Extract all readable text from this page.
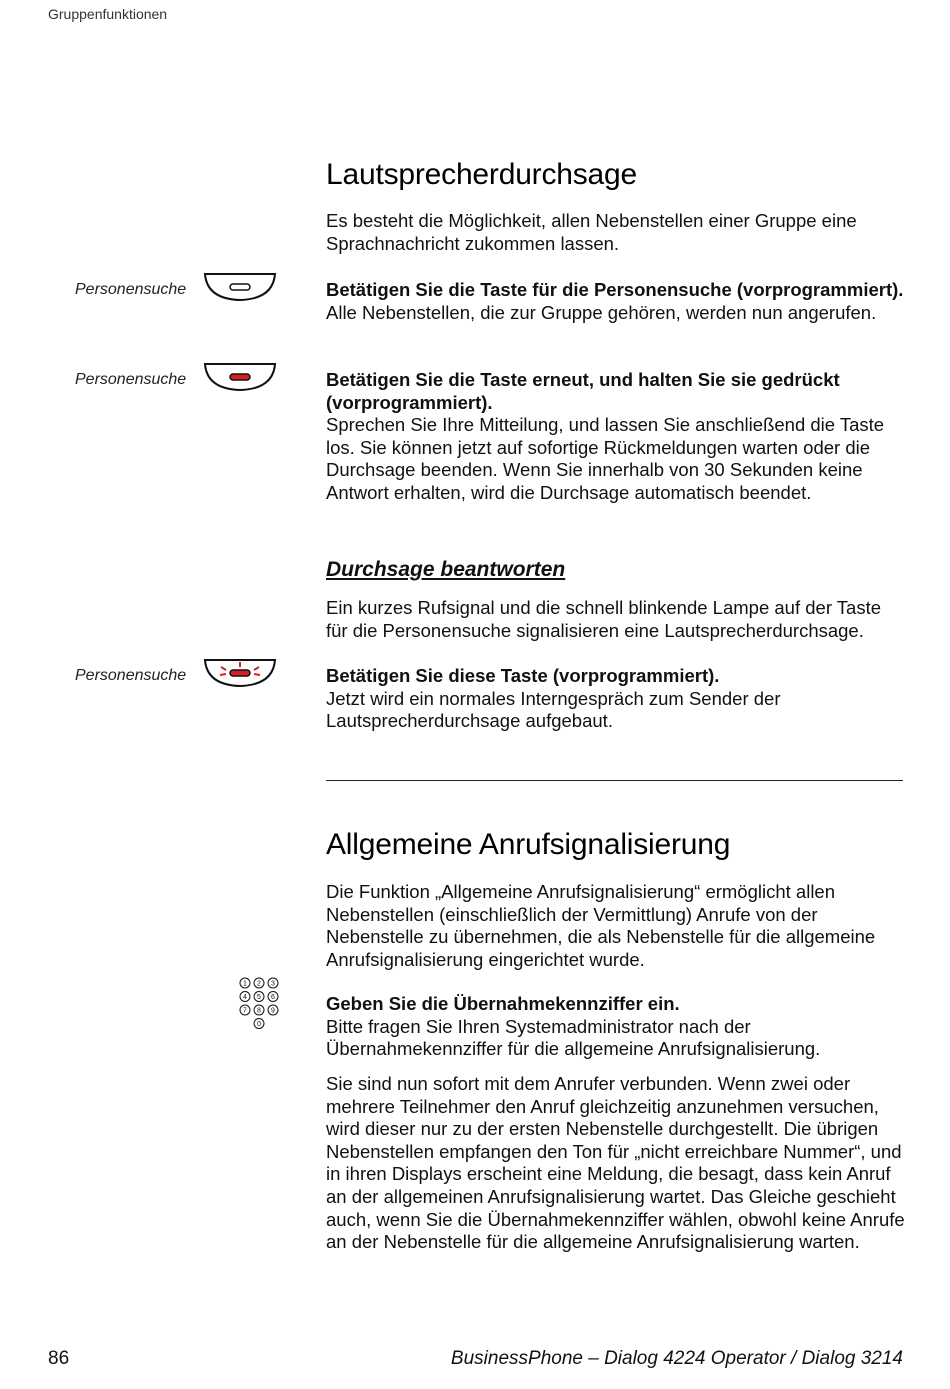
Gruppenfunktionen
Lautsprecherdurchsage

Es besteht die Möglichkeit, allen Nebenstellen einer Gruppe eine Sprachnachricht zukommen lassen.

Personensuche	Betätigen Sie die Taste für die Personensuche (vorprogrammiert).
Alle Nebenstellen, die zur Gruppe gehören, werden nun angerufen.

Personensuche	Betätigen Sie die Taste erneut, und halten Sie sie gedrückt (vorprogrammiert).
Sprechen Sie Ihre Mitteilung, und lassen Sie anschließend die Taste los. Sie können jetzt auf sofortige Rückmeldungen warten oder die Durchsage beenden. Wenn Sie innerhalb von 30 Sekunden keine Antwort erhalten, wird die Durchsage automatisch beendet.

Durchsage beantworten

Ein kurzes Rufsignal und die schnell blinkende Lampe auf der Taste für die Personensuche signalisieren eine Lautsprecherdurchsage.

Personensuche	Betätigen Sie diese Taste (vorprogrammiert).
Jetzt wird ein normales Interngespräch zum Sender der Lautsprecherdurchsage aufgebaut.

Allgemeine Anrufsignalisierung

Die Funktion „Allgemeine Anrufsignalisierung“ ermöglicht allen Nebenstellen (einschließlich der Vermittlung) Anrufe von der Nebenstelle zu übernehmen, die als Nebenstelle für die allgemeine Anrufsignalisierung eingerichtet wurde.

1 2 3
4 5 6
7 8 9
0

Geben Sie die Übernahmekennziffer ein.
Bitte fragen Sie Ihren Systemadministrator nach der Übernahmekennziffer für die allgemeine Anrufsignalisierung.

Sie sind nun sofort mit dem Anrufer verbunden. Wenn zwei oder mehrere Teilnehmer den Anruf gleichzeitig anzunehmen versuchen, wird dieser nur zu der ersten Nebenstelle durchgestellt. Die übrigen Nebenstellen empfangen den Ton für „nicht erreichbare Nummer“, und in ihren Displays erscheint eine Meldung, die besagt, dass kein Anruf an der allgemeinen Anrufsignalisierung wartet. Das Gleiche geschieht auch, wenn Sie die Übernahmekennziffer wählen, obwohl keine Anrufe an der Nebenstelle für die allgemeine Anrufsignalisierung warten.

86	BusinessPhone – Dialog 4224 Operator / Dialog 3214
